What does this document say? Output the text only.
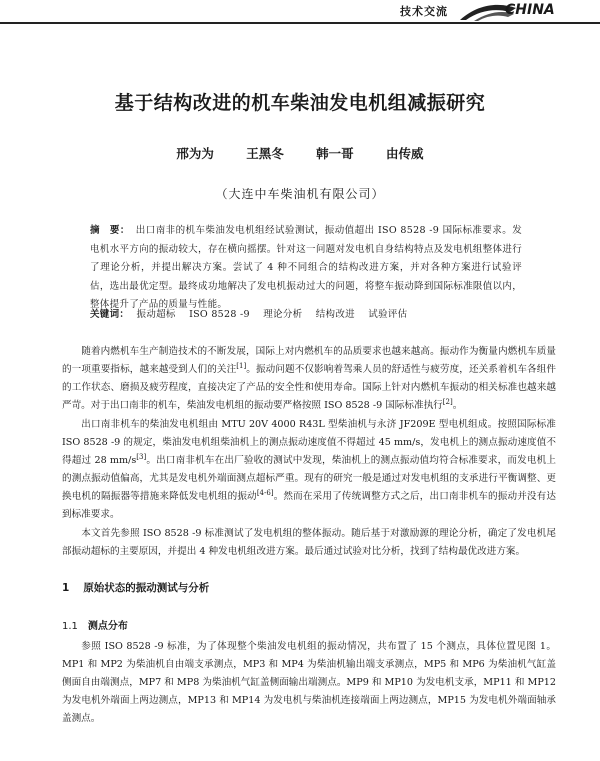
技术交流	CHINA
基于结构改进的机车柴油发电机组减振研究
邢为为	王黑冬	韩一哥	由传威
（大连中车柴油机有限公司）
摘　要： 出口南非的机车柴油发电机组经试验测试，振动值超出 ISO 8528 -9 国际标准要求。发电机水平方向的振动较大，存在横向摇摆。针对这一问题对发电机自身结构特点及发电机组整体进行了理论分析，并提出解决方案。尝试了 4 种不同组合的结构改进方案，并对各种方案进行试验评估，选出最优定型。最终成功地解决了发电机振动过大的问题，将整车振动降到国际标准限值以内，整体提升了产品的质量与性能。
关键词： 振动超标 ISO 8528 -9 理论分析 结构改进 试验评估

随着内燃机车生产制造技术的不断发展，国际上对内燃机车的品质要求也越来越高。振动作为衡量内燃机车质量的一项重要指标，越来越受到人们的关注[1]。振动问题不仅影响着驾乘人员的舒适性与疲劳度，还关系着机车各组件的工作状态、磨损及疲劳程度，直接决定了产品的安全性和使用寿命。国际上针对内燃机车振动的相关标准也越来越严苛。对于出口南非的机车，柴油发电机组的振动要严格按照 ISO 8528 -9 国际标准执行[2]。

出口南非机车的柴油发电机组由 MTU 20V 4000 R43L 型柴油机与永济 JF209E 型电机组成。按照国际标准 ISO 8528 -9 的规定，柴油发电机组柴油机上的测点振动速度值不得超过 45 mm/s，发电机上的测点振动速度值不得超过 28 mm/s[3]。出口南非机车在出厂验收的测试中发现，柴油机上的测点振动值均符合标准要求，而发电机上的测点振动值偏高，尤其是发电机外端面测点超标严重。现有的研究一般是通过对发电机组的支承进行平衡调整、更换电机的隔振器等措施来降低发电机组的振动[4-6]。然而在采用了传统调整方式之后，出口南非机车的振动并没有达到标准要求。

本文首先参照 ISO 8528 -9 标准测试了发电机组的整体振动。随后基于对激励源的理论分析，确定了发电机尾部振动超标的主要原因，并提出 4 种发电机组改进方案。最后通过试验对比分析，找到了结构最优改进方案。

1 原始状态的振动测试与分析
1.1 测点分布

参照 ISO 8528 -9 标准，为了体现整个柴油发电机组的振动情况，共布置了 15 个测点，具体位置见图 1。MP1 和 MP2 为柴油机自由端支承测点，MP3 和 MP4 为柴油机输出端支承测点，MP5 和 MP6 为柴油机气缸盖侧面自由端测点，MP7 和 MP8 为柴油机气缸盖侧面输出端测点。MP9 和 MP10 为发电机支承，MP11 和 MP12 为发电机外端面上两边测点，MP13 和 MP14 为发电机与柴油机连接端面上两边测点，MP15 为发电机外端面轴承盖测点。
